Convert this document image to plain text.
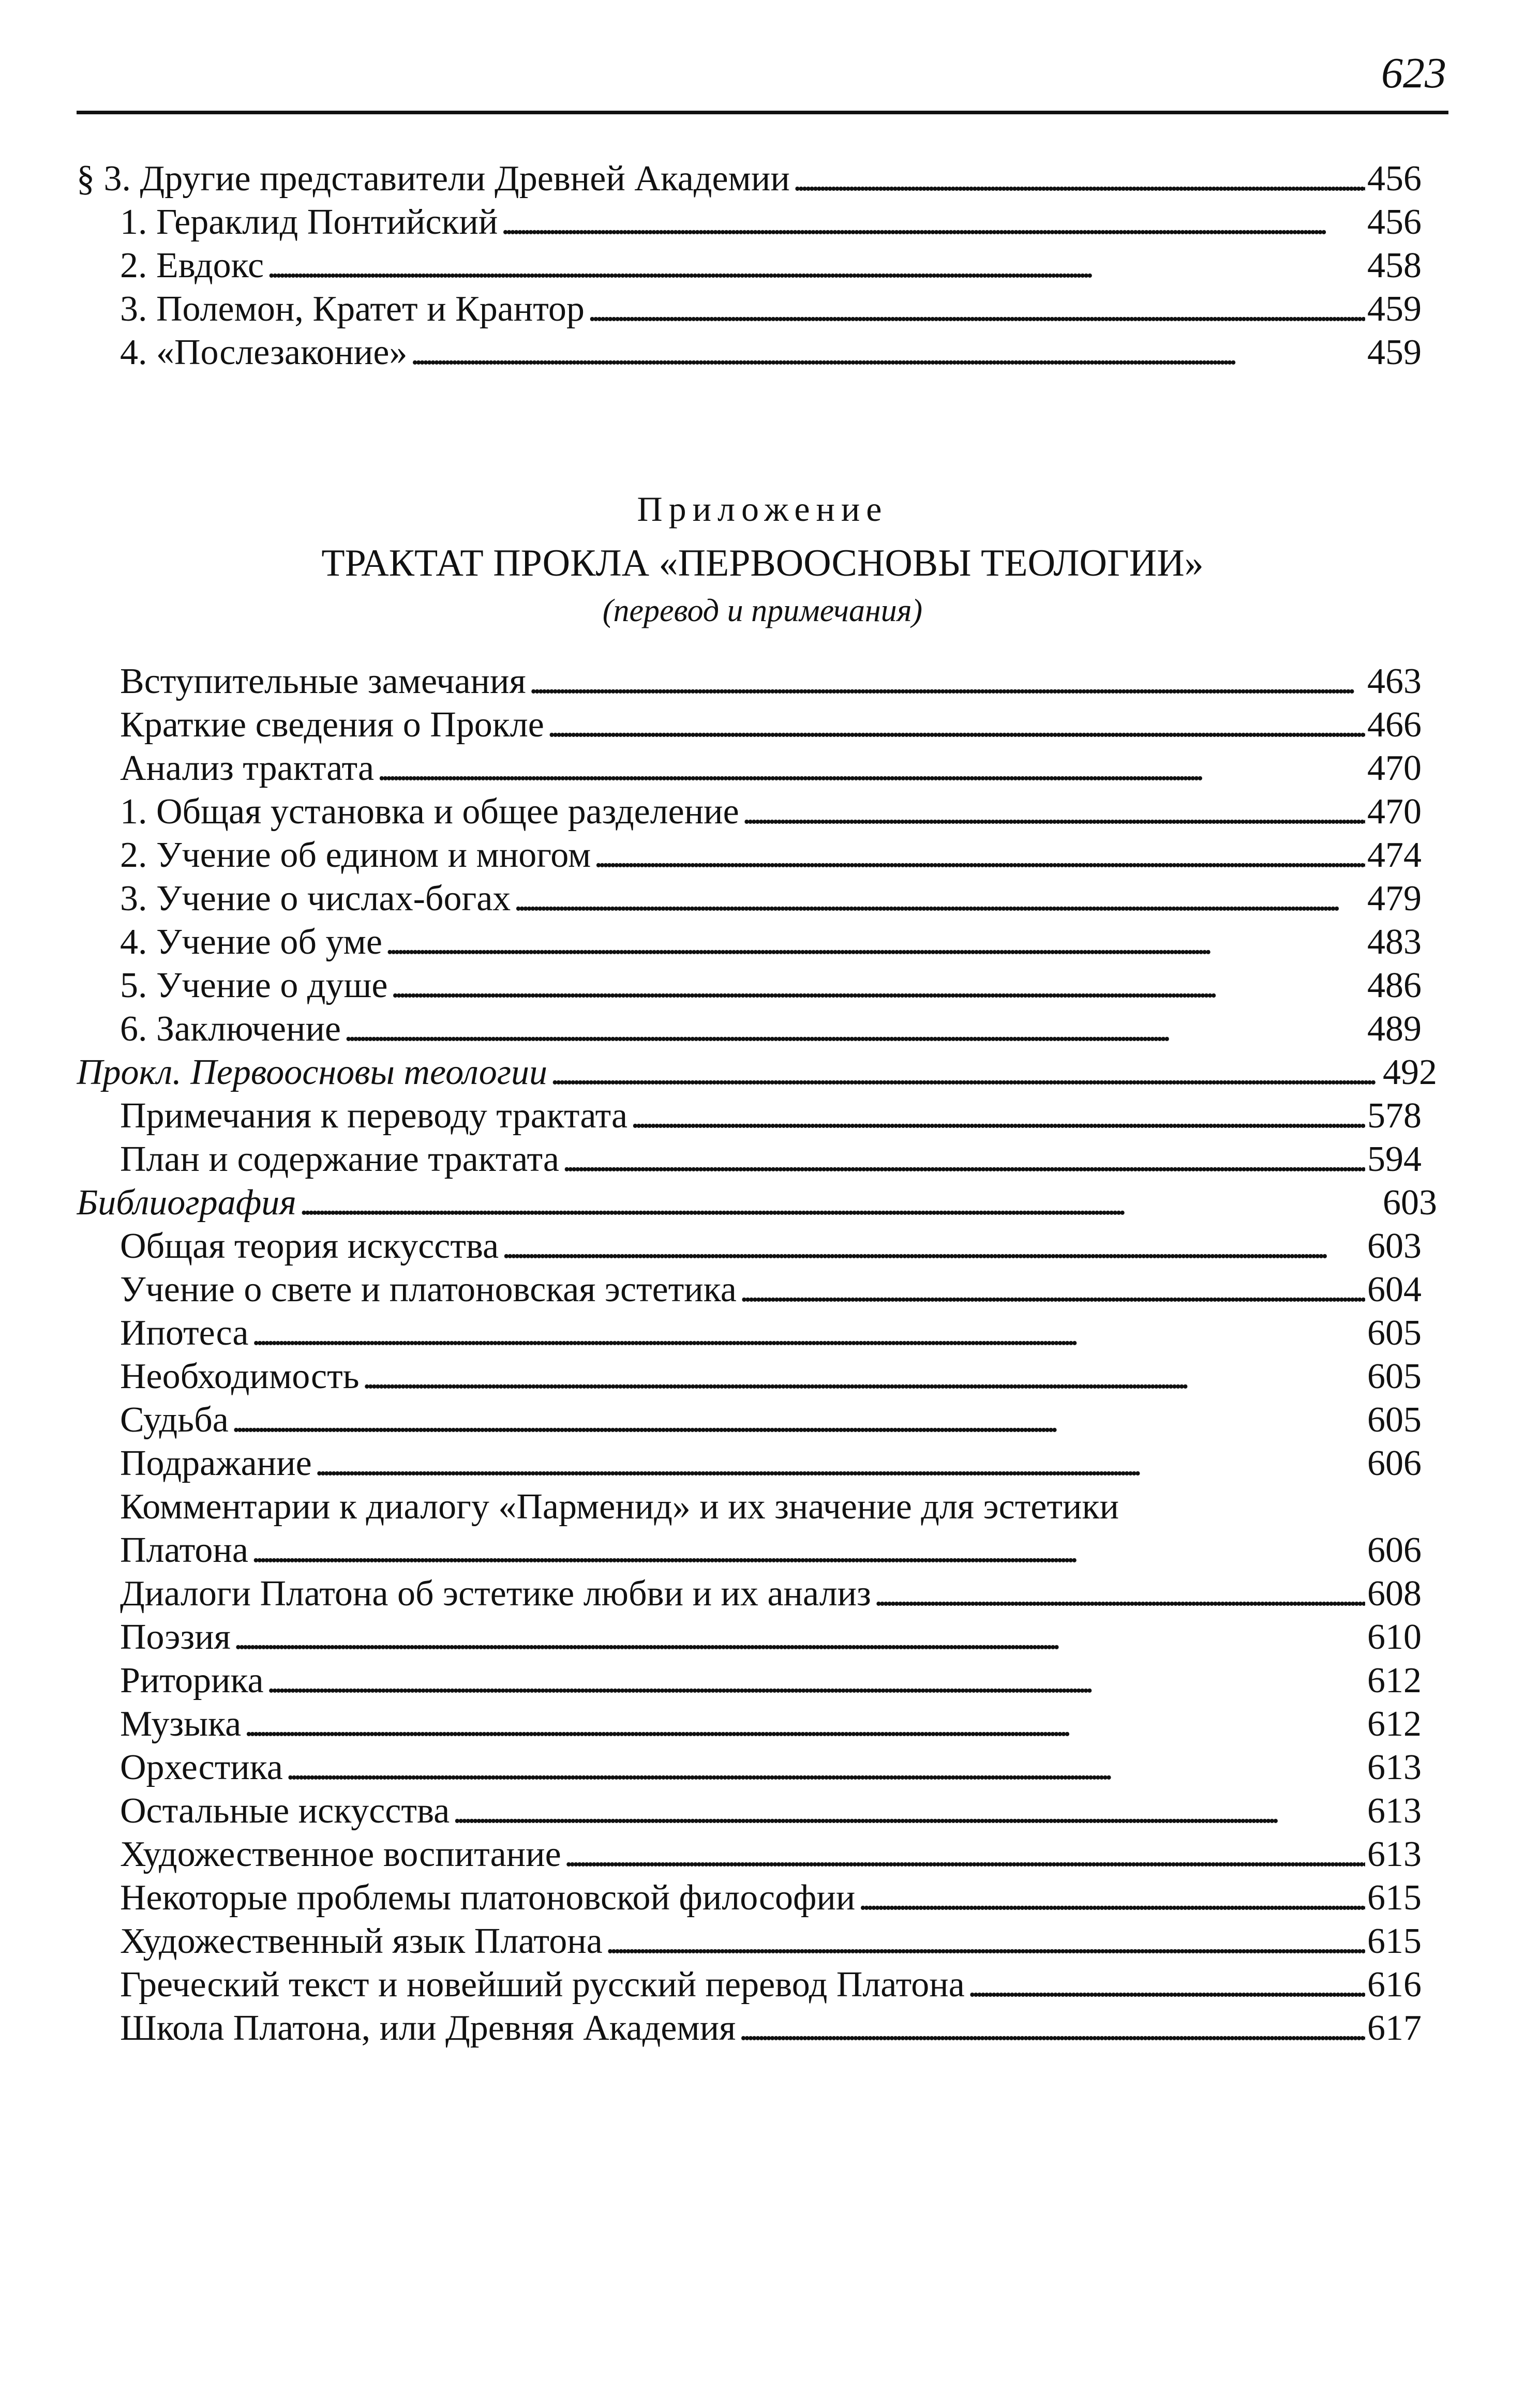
623
§ 3. Другие представители Древней Академии . . .	456
1. Гераклид Понтийский . . .	456
2. Евдокс . . .	458
3. Полемон, Кратет и Крантор . . .	459
4. «Послезаконие» . . .	459
Приложение
ТРАКТАТ ПРОКЛА «ПЕРВООСНОВЫ ТЕОЛОГИИ»
(перевод и примечания)
Вступительные замечания . . .	463
Краткие сведения о Прокле . . .	466
Анализ трактата . . .	470
1. Общая установка и общее разделение . . .	470
2. Учение об едином и многом . . .	474
3. Учение о числах-богах . . .	479
4. Учение об уме . . .	483
5. Учение о душе . . .	486
6. Заключение . . .	489
Прокл. Первоосновы теологии . . .	492
Примечания к переводу трактата . . .	578
План и содержание трактата . . .	594
Библиография . . .	603
Общая теория искусства . . .	603
Учение о свете и платоновская эстетика . . .	604
Ипотеса . . .	605
Необходимость . . .	605
Судьба . . .	605
Подражание . . .	606
Комментарии к диалогу «Парменид» и их значение для эстетики
Платона . . .	606
Диалоги Платона об эстетике любви и их анализ . . .	608
Поэзия . . .	610
Риторика . . .	612
Музыка . . .	612
Орхестика . . .	613
Остальные искусства . . .	613
Художественное воспитание . . .	613
Некоторые проблемы платоновской философии . . .	615
Художественный язык Платона . . .	615
Греческий текст и новейший русский перевод Платона . . .	616
Школа Платона, или Древняя Академия . . .	617
